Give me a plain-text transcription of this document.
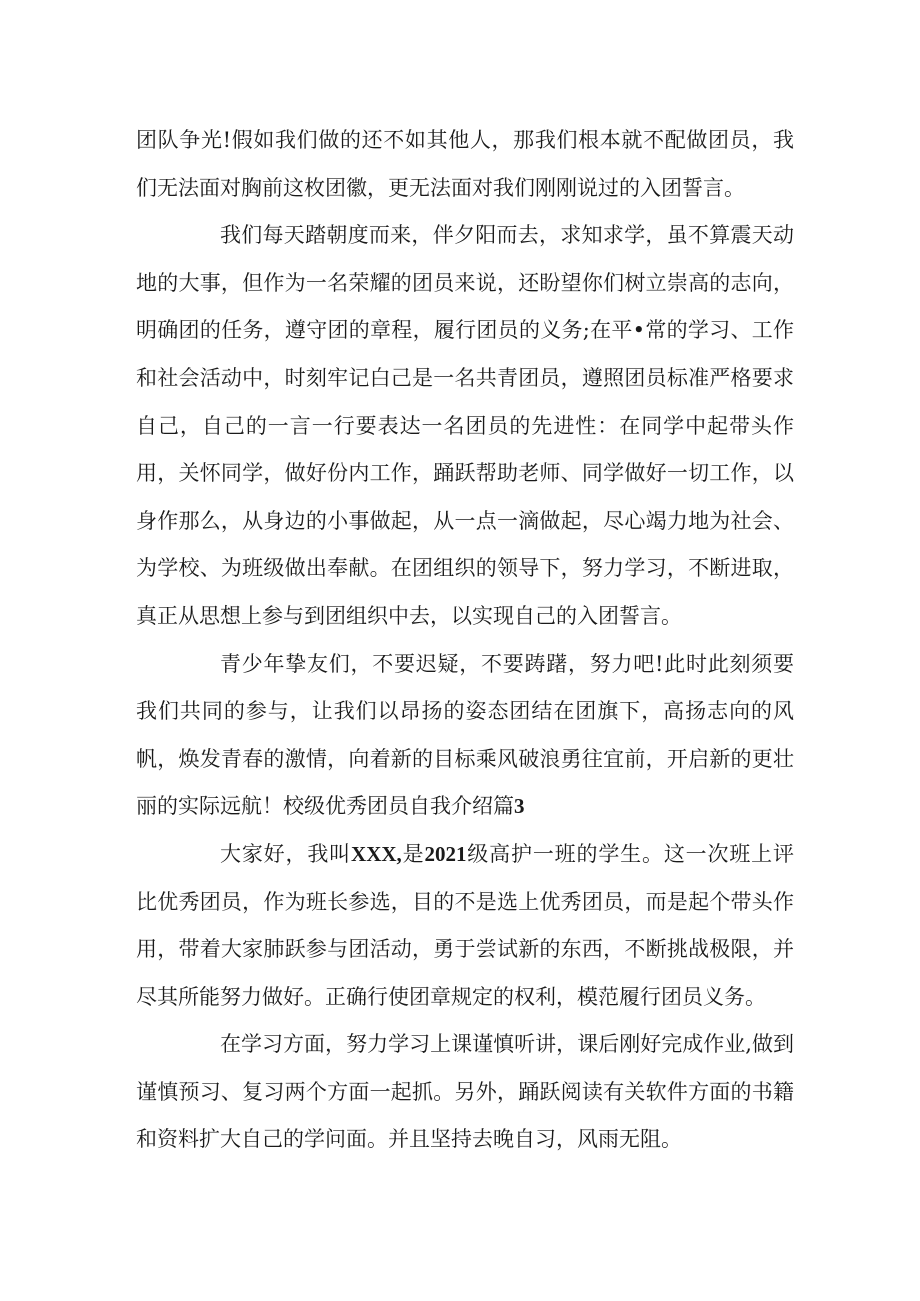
团队争光!假如我们做的还不如其他人，那我们根本就不配做团员，我们无法面对胸前这枚团徽，更无法面对我们刚刚说过的入团誓言。

我们每天踏朝度而来，伴夕阳而去，求知求学，虽不算震天动地的大事，但作为一名荣耀的团员来说，还盼望你们树立崇高的志向，明确团的任务，遵守团的章程，履行团员的义务;在平•常的学习、工作和社会活动中，时刻牢记白己是一名共青团员，遵照团员标准严格要求自己，自己的一言一行要表达一名团员的先进性：在同学中起带头作用，关怀同学，做好份内工作，踊跃帮助老师、同学做好一切工作，以身作那么，从身边的小事做起，从一点一滴做起，尽心竭力地为社会、为学校、为班级做出奉献。在团组织的领导下，努力学习，不断进取，真正从思想上参与到团组织中去，以实现自己的入团誓言。

青少年挚友们，不要迟疑，不要踌躇，努力吧!此时此刻须要我们共同的参与，让我们以昂扬的姿态团结在团旗下，高扬志向的风帆，焕发青春的激情，向着新的目标乘风破浪勇往宜前，开启新的更壮丽的实际远航！校级优秀团员自我介绍篇3

大家好，我叫XXX,是2021级高护一班的学生。这一次班上评比优秀团员，作为班长参选，目的不是选上优秀团员，而是起个带头作用，带着大家肺跃参与团活动，勇于尝试新的东西，不断挑战极限，并尽其所能努力做好。正确行使团章规定的权利，模范履行团员义务。

在学习方面，努力学习上课谨慎听讲，课后刚好完成作业,做到谨慎预习、复习两个方面一起抓。另外，踊跃阅读有关软件方面的书籍和资料扩大自己的学问面。并且坚持去晚自习，风雨无阻。
